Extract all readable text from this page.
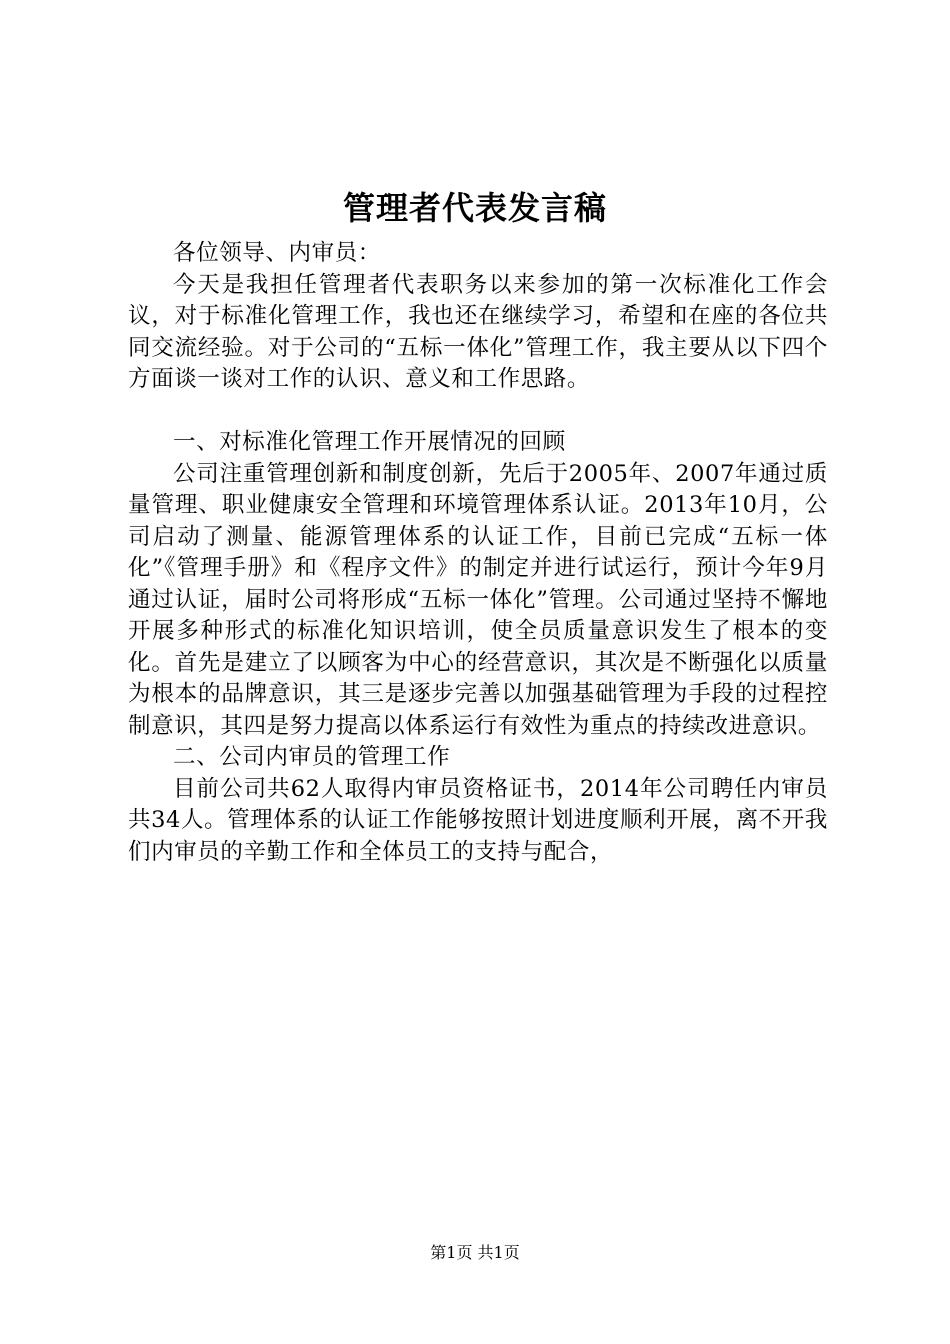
管理者代表发言稿

各位领导、内审员：

今天是我担任管理者代表职务以来参加的第一次标准化工作会议，对于标准化管理工作，我也还在继续学习，希望和在座的各位共同交流经验。对于公司的“五标一体化”管理工作，我主要从以下四个方面谈一谈对工作的认识、意义和工作思路。

一、对标准化管理工作开展情况的回顾

公司注重管理创新和制度创新，先后于2005年、2007年通过质量管理、职业健康安全管理和环境管理体系认证。2013年10月，公司启动了测量、能源管理体系的认证工作，目前已完成“五标一体化”《管理手册》和《程序文件》的制定并进行试运行，预计今年9月通过认证，届时公司将形成“五标一体化”管理。公司通过坚持不懈地开展多种形式的标准化知识培训，使全员质量意识发生了根本的变化。首先是建立了以顾客为中心的经营意识，其次是不断强化以质量为根本的品牌意识，其三是逐步完善以加强基础管理为手段的过程控制意识，其四是努力提高以体系运行有效性为重点的持续改进意识。

二、公司内审员的管理工作

目前公司共62人取得内审员资格证书，2014年公司聘任内审员共34人。管理体系的认证工作能够按照计划进度顺利开展，离不开我们内审员的辛勤工作和全体员工的支持与配合，

第1页 共1页
